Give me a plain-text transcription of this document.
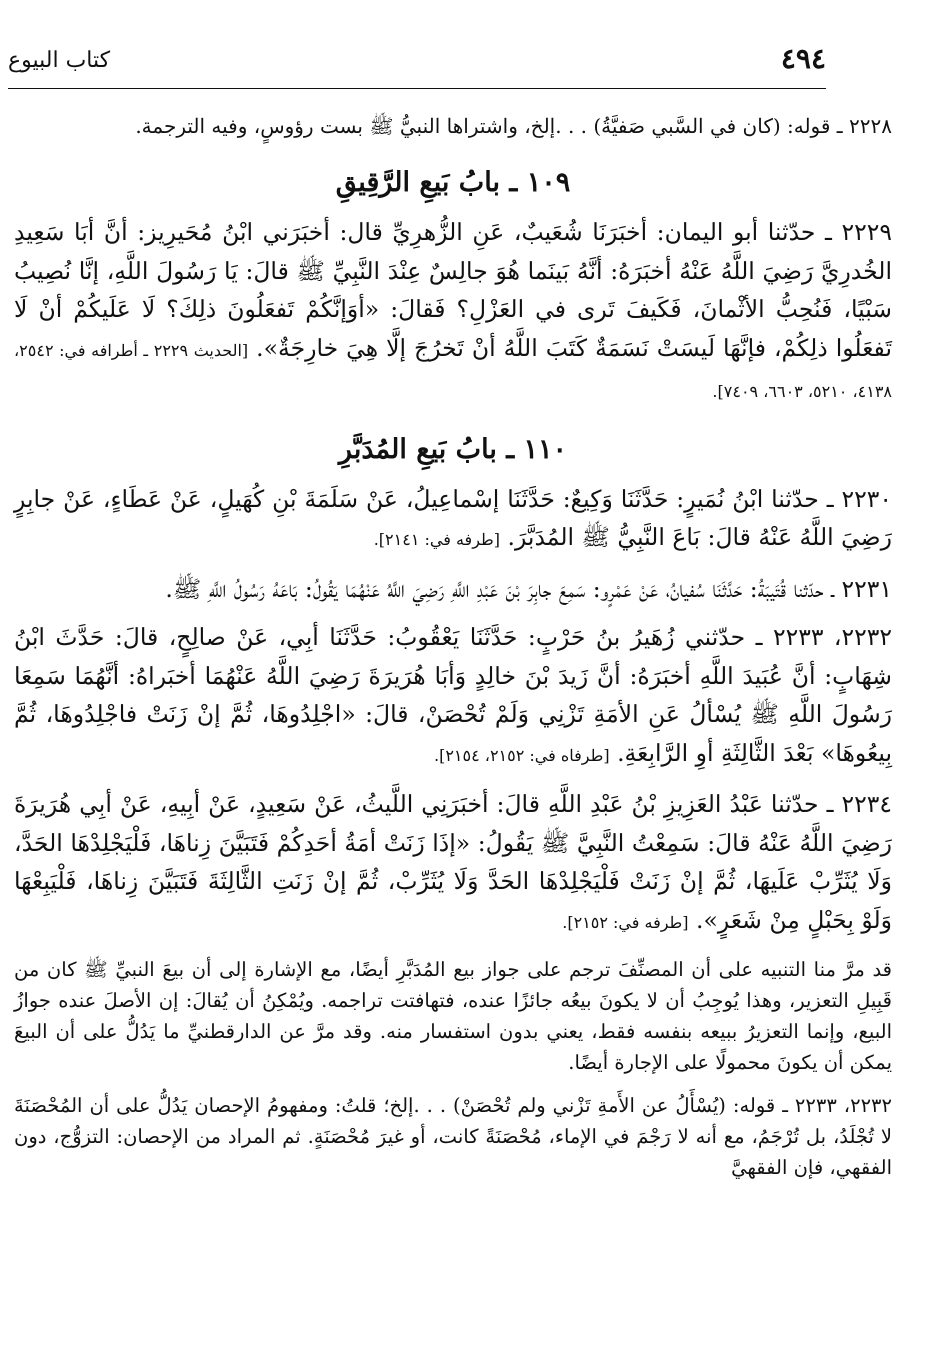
٤٩٤
كتاب البيوع

٢٢٢٨ ـ قوله: (كان في السَّبي صَفيَّةُ) . . .إلخ، واشتراها النبيُّ ﷺ بست رؤوسٍ، وفيه الترجمة.

١٠٩ ـ بابُ بَيعِ الرَّقِيقِ

٢٢٢٩ ـ حدّثنا أبو اليمان: أخبَرَنَا شُعَيبٌ، عَنِ الزُّهرِيِّ قال: أخبَرَني ابْنُ مُحَيرِيز: أنَّ أبَا سَعِيدِ الخُدرِيَّ رَضِيَ اللَّهُ عَنْهُ أخبَرَهُ: أنَّهُ بَينَما هُوَ جالِسٌ عِنْدَ النَّبِيِّ ﷺ قالَ: يَا رَسُولَ اللَّهِ، إنَّا نُصِيبُ سَبْيًا، فَنُحِبُّ الأثْمانَ، فَكَيفَ تَرى في العَزْلِ؟ فَقالَ: «أوَإنَّكُمْ تَفعَلُونَ ذلِكَ؟ لَا عَلَيكُمْ أنْ لَا تَفعَلُوا ذلِكُمْ، فإنَّهَا لَيسَتْ نَسَمَةٌ كَتَبَ اللَّهُ أنْ تَخرُجَ إلَّا هِيَ خارِجَةٌ». [الحديث ٢٢٢٩ ـ أطرافه في: ٢٥٤٢، ٤١٣٨، ٥٢١٠، ٦٦٠٣، ٧٤٠٩].

١١٠ ـ بابُ بَيعِ المُدَبَّرِ

٢٢٣٠ ـ حدّثنا ابْنُ نُمَيرٍ: حَدَّثَنَا وَكِيعٌ: حَدَّثَنَا إسْماعِيلُ، عَنْ سَلَمَةَ بْنِ كُهَيلٍ، عَنْ عَطَاءٍ، عَنْ جابِرٍ رَضِيَ اللَّهُ عَنْهُ قالَ: بَاعَ النَّبِيُّ ﷺ المُدَبَّرَ. [طرفه في: ٢١٤١].

٢٢٣١ ـ حدّثنا قُتَيبَةُ: حَدَّثَنَا سُفيانُ، عَنْ عَمْرٍو: سَمِعَ جابِرَ بْنَ عَبْدِ اللَّهِ رَضِيَ اللَّهُ عَنْهُمَا يَقُولُ: بَاعَهُ رَسُولُ اللَّهِ ﷺ.

٢٢٣٢، ٢٢٣٣ ـ حدّثني زُهَيرُ بنُ حَرْبٍ: حَدَّثَنَا يَعْقُوبُ: حَدَّثَنَا أبِي، عَنْ صالِحٍ، قالَ: حَدَّثَ ابْنُ شِهَابٍ: أنَّ عُبَيدَ اللَّهِ أخبَرَهُ: أنَّ زَيدَ بْنَ خالِدٍ وَأبَا هُرَيرَةَ رَضِيَ اللَّهُ عَنْهُمَا أخبَراهُ: أنَّهُمَا سَمِعَا رَسُولَ اللَّهِ ﷺ يُسْألُ عَنِ الأمَةِ تَزْنِي وَلَمْ تُحْصَنْ، قالَ: «اجْلِدُوهَا، ثُمَّ إنْ زَنَتْ فاجْلِدُوهَا، ثُمَّ بِيعُوهَا» بَعْدَ الثَّالِثَةِ أوِ الرَّابِعَةِ. [طرفاه في: ٢١٥٢، ٢١٥٤].

٢٢٣٤ ـ حدّثنا عَبْدُ العَزِيزِ بْنُ عَبْدِ اللَّهِ قالَ: أخبَرَنِي اللَّيثُ، عَنْ سَعِيدٍ، عَنْ أبِيهِ، عَنْ أبِي هُرَيرَةَ رَضِيَ اللَّهُ عَنْهُ قالَ: سَمِعْتُ النَّبِيَّ ﷺ يَقُولُ: «إذَا زَنَتْ أمَةُ أحَدِكُمْ فَتَبَيَّنَ زِناهَا، فَلْيَجْلِدْهَا الحَدَّ، وَلَا يُثَرِّبْ عَلَيهَا، ثُمَّ إنْ زَنَتْ فَلْيَجْلِدْهَا الحَدَّ وَلَا يُثَرِّبْ، ثُمَّ إنْ زَنَتِ الثَّالِثَةَ فَتَبَيَّنَ زِناهَا، فَلْيَبِعْهَا وَلَوْ بِحَبْلٍ مِنْ شَعَرٍ». [طرفه في: ٢١٥٢].

قد مرَّ منا التنبيه على أن المصنِّفَ ترجم على جواز بيع المُدَبَّرِ أيضًا، مع الإشارة إلى أن بيعَ النبيِّ ﷺ كان من قَبِيلِ التعزير، وهذا يُوجِبُ أن لا يكونَ بيعُه جائزًا عنده، فتهافتت تراجمه. ويُمْكِنُ أن يُقالَ: إن الأصلَ عنده جوازُ البيع، وإنما التعزيرُ ببيعه بنفسه فقط، يعني بدون استفسار منه. وقد مرَّ عن الدارقطنيِّ ما يَدُلُّ على أن البيعَ يمكن أن يكونَ محمولًا على الإجارة أيضًا.

٢٢٣٢، ٢٢٣٣ ـ قوله: (يُسْأَلُ عن الأَمةِ تَزْني ولم تُحْصَنْ) . . .إلخ؛ قلتُ: ومفهومُ الإحصان يَدُلُّ على أن المُحْصَنَةَ لا تُجْلَدُ، بل تُرْجَمُ، مع أنه لا رَجْمَ في الإماء، مُحْصَنَةً كانت، أو غيرَ مُحْصَنَةٍ. ثم المراد من الإحصان: التزوُّج، دون الفقهي، فإن الفقهيَّ
